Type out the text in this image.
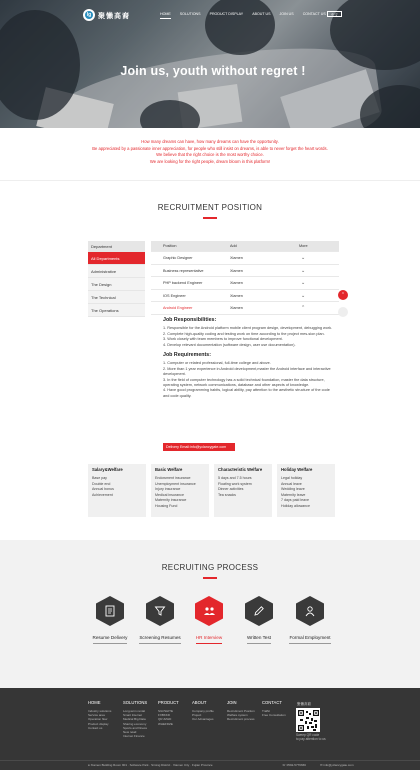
lg 聚懒高裔	HOME	SOLUTIONS	PRODUCT DISPLAY	ABOUT US	JOIN US	CONTACT US	中文
Join us, youth without regret !
How many dreams can have, how many dreams can have the opportunity.
Be appreciated by a passionate inner appreciation, for people who still insist on dreams, is able to never forget the heart words.
We believe that the right choice is the most worthy choice.
We are looking for the right people, dream bloom in this platform!
RECRUITMENT POSITION
Department
All Departments
Administrative
The Design
The Technical
The Operations
Position	Add	More
Graphic Designer	Xiamen	⌄
Business representative	Xiamen	⌄
PHP backend Engineer	Xiamen	⌄
IOS Engineer	Xiamen	⌄
Android Engineer	Xiamen	⌃
Job Responsibilities:

1. Responsible for the Android platform mobile client program design, development, debugging work.

2. Complete high-quality coding and testing work on time according to the project mes-sion plan.

3. Work closely with team members to improve functional development.

4. Develop relevant documentation (software design, user use documentation).

Job Requirements:

1. Computer or related professional, full-time college and above.

2. More than 1 year experience in Android development,master the Android interface and interactive development.

3. In the field of computer technology has a solid technical foundation, master the data structure, operating system, network communications, database and other aspects of knowledge.

4. Have good programming habits, logical ability, pay attention to the aesthetic structure of the code and code quality.

Delivery Email:info@yclancygate.com
⌃
Salary&Welfare
Base pay
Double end
Annual bonus
Achievement
Basic Welfare
Endowment insurance
Unemployment insurance
Injury insurance
Medical insurance
Maternity insurance
Housing Fund
Characteristic Welfare
5 days and 7.5 hours
Floating work system
Dinner activities
Tea snacks
Holiday Welfare
Legal holiday
Annual leave
Wedding leave
Maternity leave
7 days paid leave
Holiday allowance
RECRUITING PROCESS
Resume Delivery	Screening Resumes	HR Interview	Written Test	Formal Employment
HOME
Industry solutions
Service area
Operation flow
Product display
Contact us
SOLUTIONS
Long-term rental
Smart Internet
Medical Big Data
Sharing economy
Sports and fitness
New retail
Internet Finance
PRODUCT
SILI/SHITE
FXBKKD
QR ZZHD
WHEFDZE
ABOUT
Company profile
Project
Our Advantages
JOIN
Recruitment Position
Welfare system
Recruitment process
CONTACT
Traffic
Free Consultation
聚懒高裔
Sweep QR code
to pay attention to us
● Xiamen Building Room 901 · Software Park · Siming District · Xiamen City · Fujian Province	☏ 0592-5776666	✉ info@yclancygate.com
